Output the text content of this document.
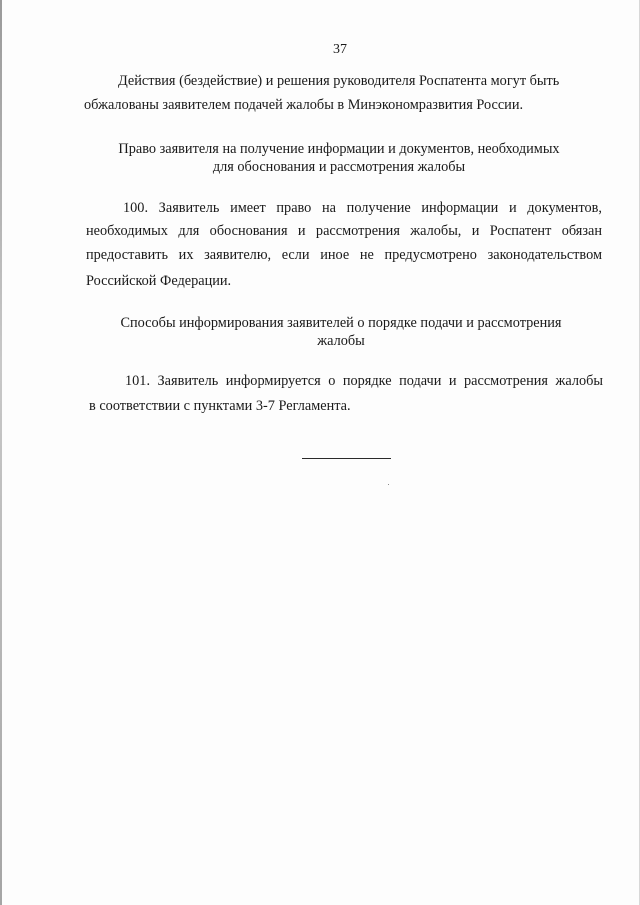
37
Действия (бездействие) и решения руководителя Роспатента могут быть
обжалованы заявителем подачей жалобы в Минэкономразвития России.
Право заявителя на получение информации и документов, необходимых
для обоснования и рассмотрения жалобы
100. Заявитель имеет право на получение информации и документов,
необходимых для обоснования и рассмотрения жалобы, и Роспатент обязан
предоставить их заявителю, если иное не предусмотрено законодательством
Российской Федерации.
Способы информирования заявителей о порядке подачи и рассмотрения
жалобы
101. Заявитель информируется о порядке подачи и рассмотрения жалобы
в соответствии с пунктами 3-7 Регламента.
